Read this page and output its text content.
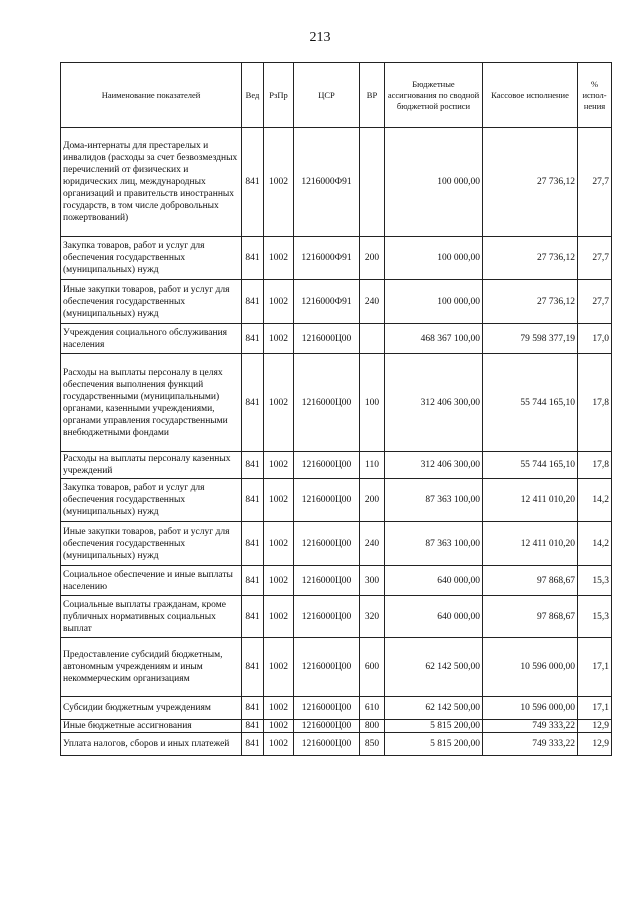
213
Наименование показателей	Вед	РзПр	ЦСР	ВР	Бюджетные ассигнования по сводной бюджетной росписи	Кассовое исполнение	% испол-нения
Дома-интернаты для престарелых и инвалидов (расходы за счет безвозмездных перечислений от физических и юридических лиц, международных организаций и правительств иностранных государств, в том числе добровольных пожертвований)	841	1002	1216000Ф91		100 000,00	27 736,12	27,7
Закупка товаров, работ и услуг для обеспечения государственных (муниципальных) нужд	841	1002	1216000Ф91	200	100 000,00	27 736,12	27,7
Иные закупки товаров, работ и услуг для обеспечения государственных (муниципальных) нужд	841	1002	1216000Ф91	240	100 000,00	27 736,12	27,7
Учреждения социального обслуживания населения	841	1002	1216000Ц00		468 367 100,00	79 598 377,19	17,0
Расходы на выплаты персоналу в целях обеспечения выполнения функций государственными (муниципальными) органами, казенными учреждениями, органами управления государственными внебюджетными фондами	841	1002	1216000Ц00	100	312 406 300,00	55 744 165,10	17,8
Расходы на выплаты персоналу казенных учреждений	841	1002	1216000Ц00	110	312 406 300,00	55 744 165,10	17,8
Закупка товаров, работ и услуг для обеспечения государственных (муниципальных) нужд	841	1002	1216000Ц00	200	87 363 100,00	12 411 010,20	14,2
Иные закупки товаров, работ и услуг для обеспечения государственных (муниципальных) нужд	841	1002	1216000Ц00	240	87 363 100,00	12 411 010,20	14,2
Социальное обеспечение и иные выплаты населению	841	1002	1216000Ц00	300	640 000,00	97 868,67	15,3
Социальные выплаты гражданам, кроме публичных нормативных социальных выплат	841	1002	1216000Ц00	320	640 000,00	97 868,67	15,3
Предоставление субсидий бюджетным, автономным учреждениям и иным некоммерческим организациям	841	1002	1216000Ц00	600	62 142 500,00	10 596 000,00	17,1
Субсидии бюджетным учреждениям	841	1002	1216000Ц00	610	62 142 500,00	10 596 000,00	17,1
Иные бюджетные ассигнования	841	1002	1216000Ц00	800	5 815 200,00	749 333,22	12,9
Уплата налогов, сборов и иных платежей	841	1002	1216000Ц00	850	5 815 200,00	749 333,22	12,9
